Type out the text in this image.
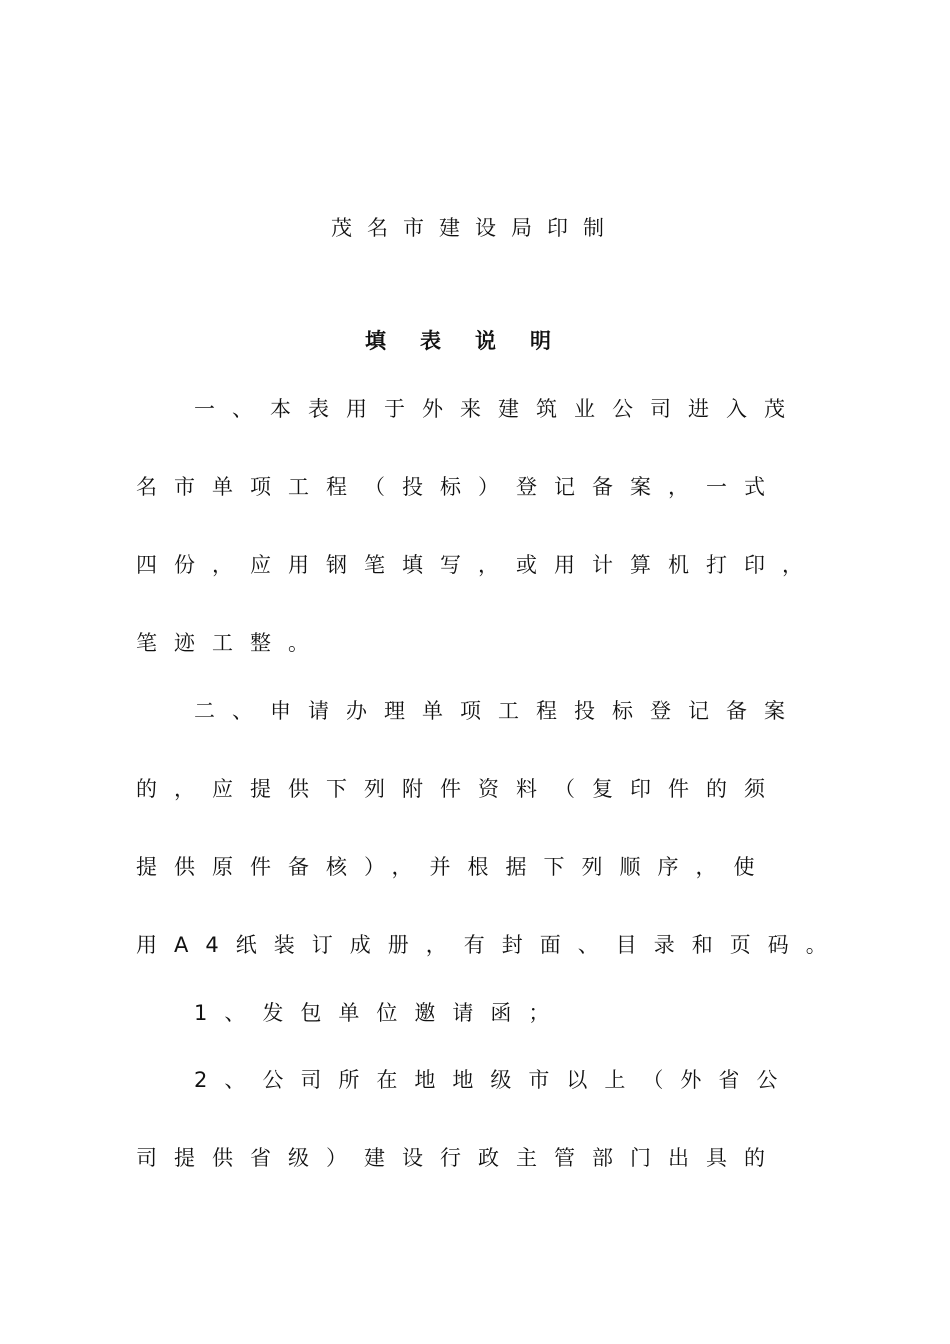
茂名市建设局印制
填表说明
一、本表用于外来建筑业公司进入茂
名市单项工程（投标）登记备案，一式
四份，应用钢笔填写，或用计算机打印，
笔迹工整。
二、申请办理单项工程投标登记备案
的，应提供下列附件资料（复印件的须
提供原件备核），并根据下列顺序，使
用A4纸装订成册，有封面、目录和页码。
1、发包单位邀请函；
2、公司所在地地级市以上（外省公
司提供省级）建设行政主管部门出具的
